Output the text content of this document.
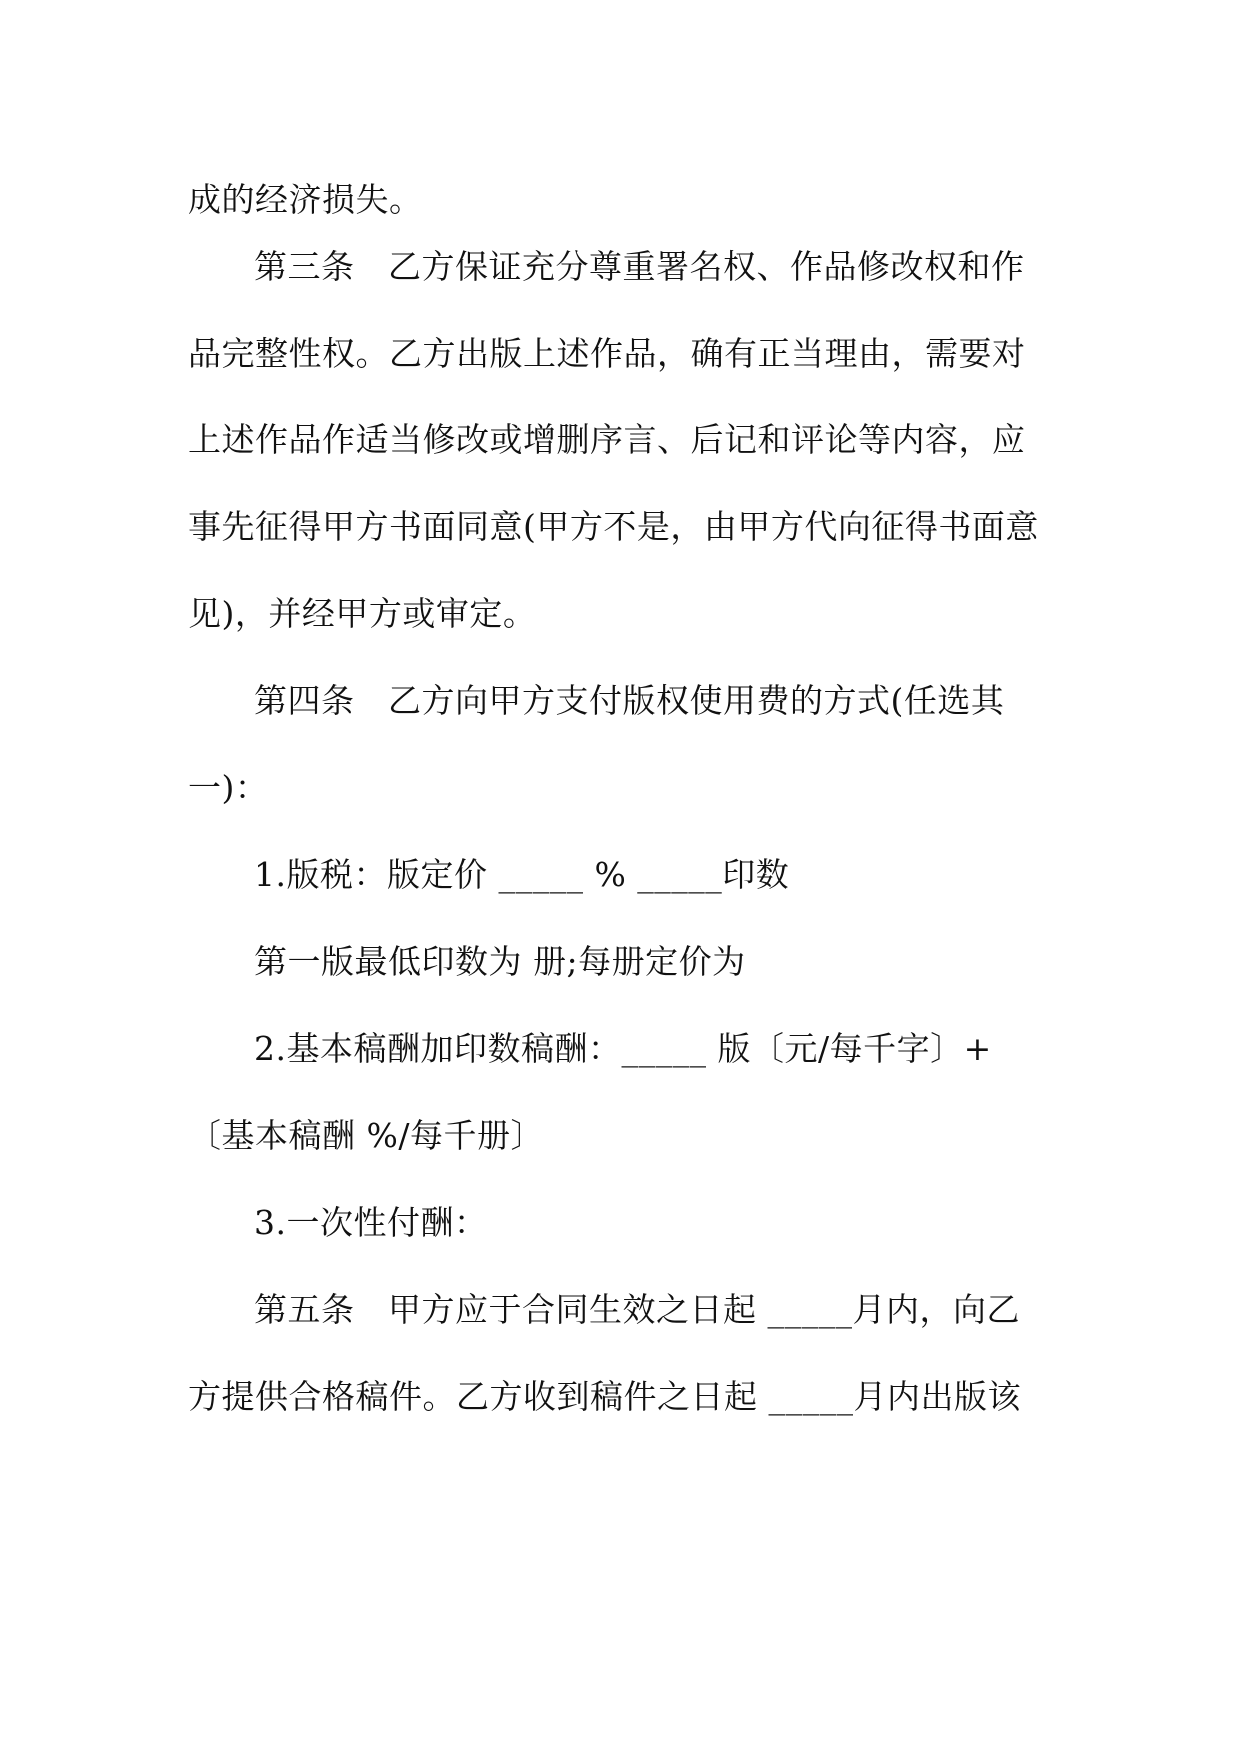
成的经济损失。
第三条　乙方保证充分尊重署名权、作品修改权和作
品完整性权。乙方出版上述作品，确有正当理由，需要对
上述作品作适当修改或增删序言、后记和评论等内容，应
事先征得甲方书面同意(甲方不是，由甲方代向征得书面意
见)，并经甲方或审定。
第四条　乙方向甲方支付版权使用费的方式(任选其
一)：
1.版税：版定价 _____ % _____印数
第一版最低印数为 册;每册定价为
2.基本稿酬加印数稿酬：_____ 版〔元/每千字〕+
〔基本稿酬 %/每千册〕
3.一次性付酬：
第五条　甲方应于合同生效之日起 _____月内，向乙
方提供合格稿件。乙方收到稿件之日起 _____月内出版该
